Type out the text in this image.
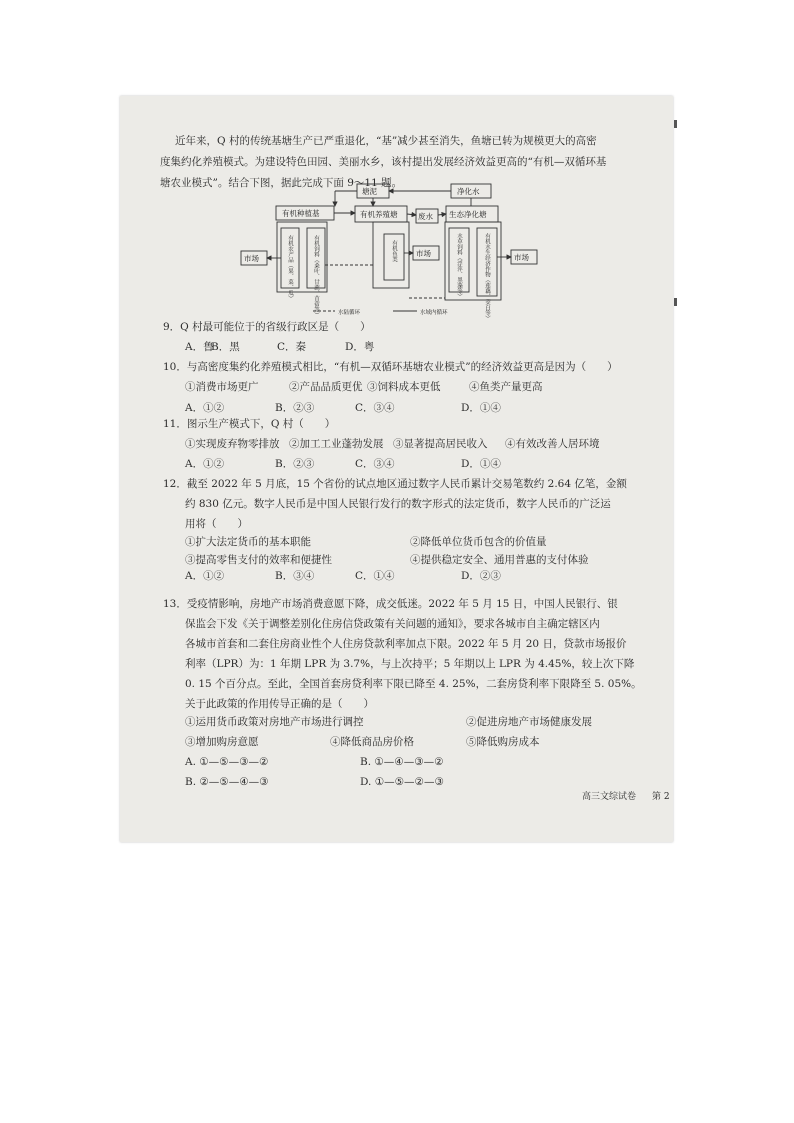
近年来，Q 村的传统基塘生产已严重退化，“基”减少甚至消失，鱼塘已转为规模更大的高密
度集约化养殖模式。为建设特色田园、美丽水乡，该村提出发展经济效益更高的“有机—双循环基
塘农业模式”。结合下图，据此完成下面 9～11 题。
塘泥	净化水
有机种植基	有机养殖塘	废水 生态净化塘
市场
市场	市场
有机农产品（果、菜、瓜）	有机饲料（桑叶、甘蔗、苜蓿等）	有机鱼类	水草饲料（浮萍、黑藻等）	有机水生经济作物（莲藕、茭白等）
水陆循环	水域内循环
9．Q 村最可能位于的省级行政区是（　　）
A．鲁
B．黑	C．秦	D．粤
10．与高密度集约化养殖模式相比，“有机—双循环基塘农业模式”的经济效益更高是因为（　　）
①消费市场更广	②产品品质更优 ③饲料成本更低	④鱼类产量更高
A．①②	B．②③	C．③④	D．①④
11．图示生产模式下，Q 村（　　）
①实现废弃物零排放 ②加工工业蓬勃发展 ③显著提高居民收入 ④有效改善人居环境
A．①②	B．②③	C．③④	D．①④
12．截至 2022 年 5 月底，15 个省份的试点地区通过数字人民币累计交易笔数约 2.64 亿笔，金额
约 830 亿元。数字人民币是中国人民银行发行的数字形式的法定货币，数字人民币的广泛运
用将（　　）
①扩大法定货币的基本职能	②降低单位货币包含的价值量
③提高零售支付的效率和便捷性	④提供稳定安全、通用普惠的支付体验
A．①②	B．③④	C．①④	D．②③
13．受疫情影响，房地产市场消费意愿下降，成交低迷。2022 年 5 月 15 日，中国人民银行、银
保监会下发《关于调整差别化住房信贷政策有关问题的通知》，要求各城市自主确定辖区内
各城市首套和二套住房商业性个人住房贷款利率加点下限。2022 年 5 月 20 日，贷款市场报价
利率（LPR）为：1 年期 LPR 为 3.7%，与上次持平；5 年期以上 LPR 为 4.45%，较上次下降
0. 15 个百分点。至此，全国首套房贷利率下限已降至 4. 25%，二套房贷利率下限降至 5. 05%。
关于此政策的作用传导正确的是（　　）
①运用货币政策对房地产市场进行调控	②促进房地产市场健康发展
③增加购房意愿	④降低商品房价格	⑤降低购房成本
A. ①—⑤—③—②	B. ①—④—③—②
B. ②—⑤—④—③	D. ①—⑤—②—③
高三文综试卷 第 2
